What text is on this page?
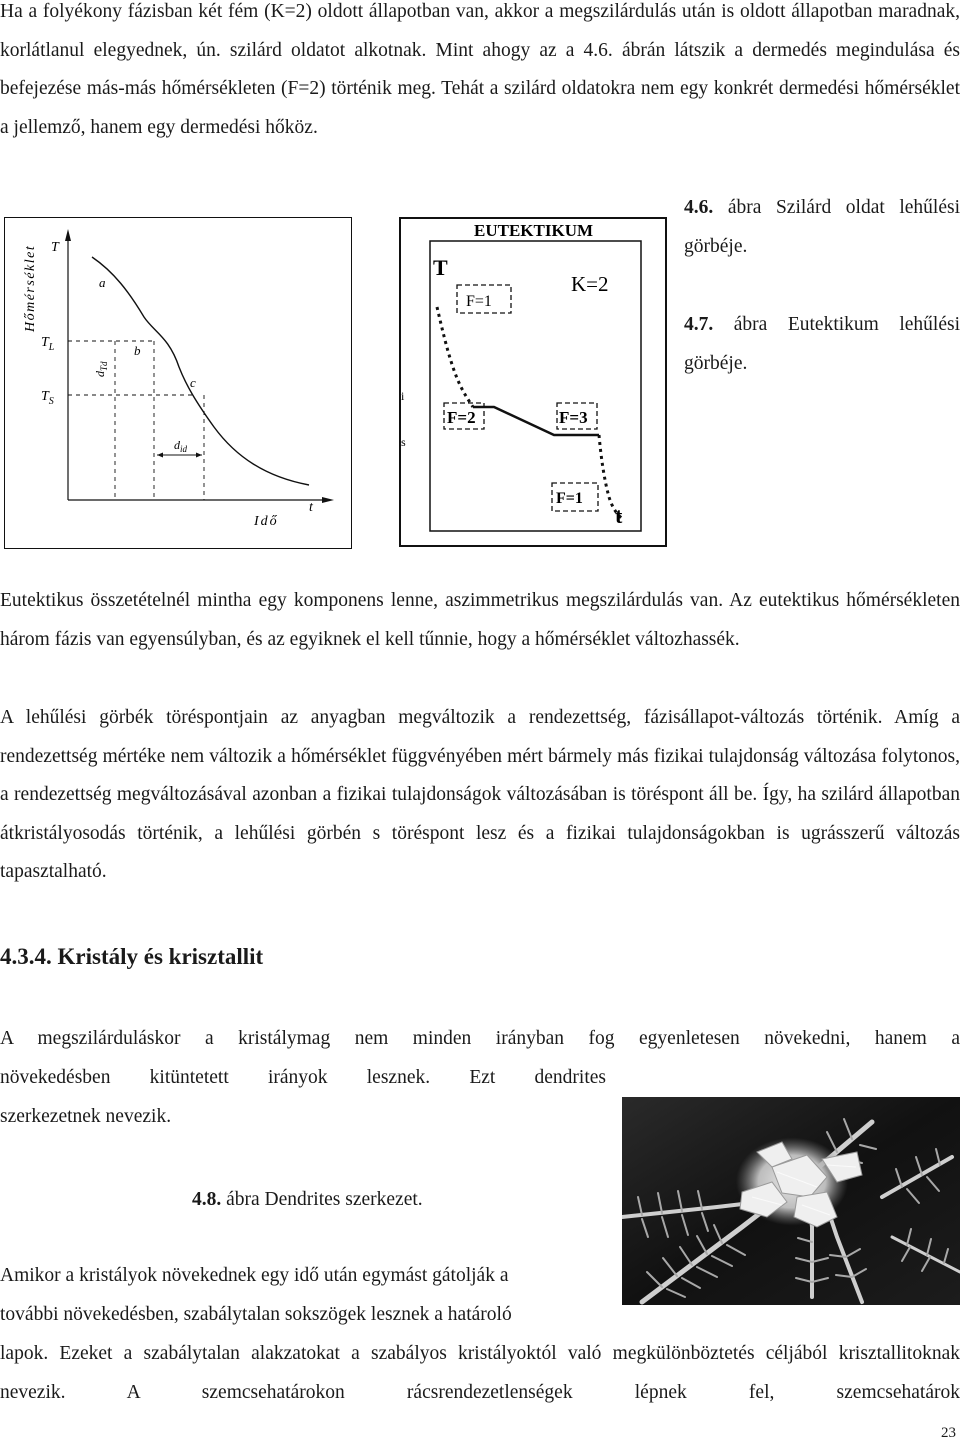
Ha a folyékony fázisban két fém (K=2) oldott állapotban van, akkor a megszilárdulás után is oldott állapotban maradnak, korlátlanul elegyednek, ún. szilárd oldatot alkotnak. Mint ahogy az a 4.6. ábrán látszik a dermedés megindulása és befejezése más-más hőmérsékleten (F=2) történik meg. Tehát a szilárd oldatokra nem egy konkrét dermedési hőmérséklet a jellemző, hanem egy dermedési hőköz.

Hőmérséklet T
$T_L$
$T_S$
a
b
c
$d_{Td}$
$d_{id}$
Idő
t
EUTEKTIKUM
T
K=2
F=1
F=2	F=3
F=1
t
i
s

4.6. ábra Szilárd oldat lehűlési görbéje.

4.7. ábra Eutektikum lehűlési görbéje.

Eutektikus összetételnél mintha egy komponens lenne, aszimmetrikus megszilárdulás van. Az eutektikus hőmérsékleten három fázis van egyensúlyban, és az egyiknek el kell tűnnie, hogy a hőmérséklet változhassék.

A lehűlési görbék töréspontjain az anyagban megváltozik a rendezettség, fázisállapot-változás történik. Amíg a rendezettség mértéke nem változik a hőmérséklet függvényében mért bármely más fizikai tulajdonság változása folytonos, a rendezettség megváltozásával azonban a fizikai tulajdonságok változásában is töréspont áll be. Így, ha szilárd állapotban átkristályosodás történik, a lehűlési görbén s töréspont lesz és a fizikai tulajdonságokban is ugrásszerű változás tapasztalható.

4.3.4. Kristály és krisztallit

A megszilárduláskor a kristálymag nem minden irányban fog egyenletesen növekedni, hanem a

növekedésben kitüntetett irányok lesznek. Ezt dendrites

szerkezetnek nevezik.

4.8. ábra Dendrites szerkezet.

Amikor a kristályok növekednek egy idő után egymást gátolják a

további növekedésben, szabálytalan sokszögek lesznek a határoló

lapok. Ezeket a szabálytalan alakzatokat a szabályos kristályoktól való megkülönböztetés céljából krisztallitoknak nevezik. A szemcsehatárokon rácsrendezetlenségek lépnek fel, szemcsehatárok

23
